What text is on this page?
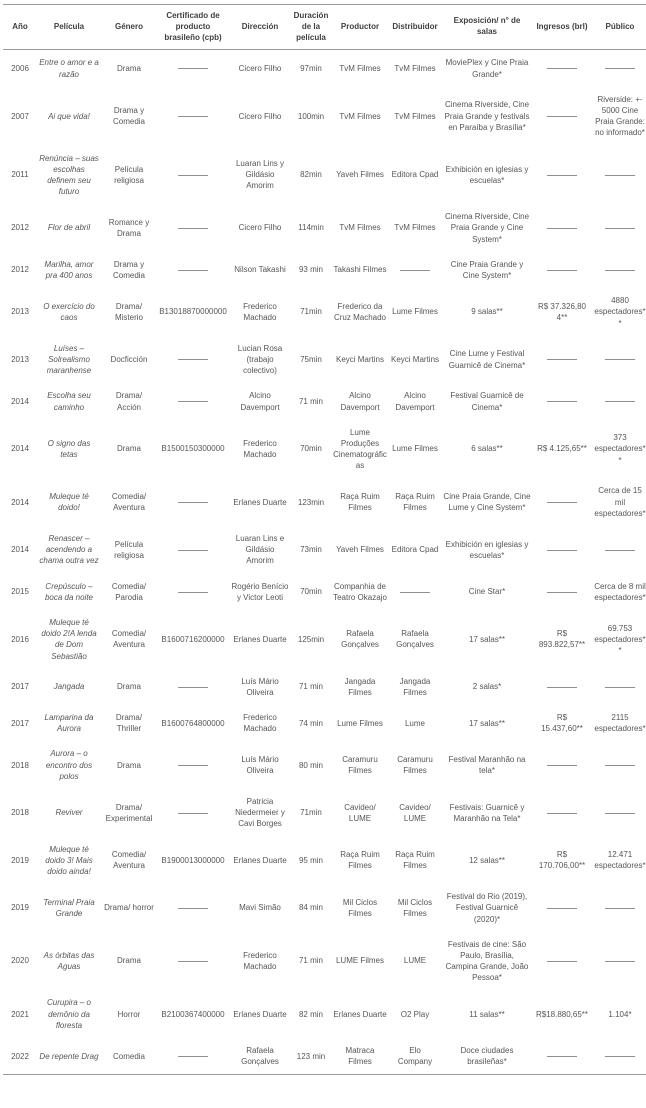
Año	Película	Género	Certificado de producto brasileño (cpb)	Dirección	Duración de la película	Productor	Distribuidor	Exposición/ n° de salas	Ingresos (brl)	Público
2006	Entre o amor e a razão	Drama		Cicero Filho	97min	TvM Filmes	TvM Filmes	MoviePlex y Cine Praia Grande*		
2007	Ai que vida!	Drama y Comedia		Cicero Filho	100min	TvM Filmes	TvM Filmes	Cinema Riverside, Cine Praia Grande y festivals en Paraíba y Brasília*		Riverside: +- 5000 Cine Praia Grande: no informado*
2011	Renúncia – suas escolhas definem seu futuro	Película religiosa		Luaran Lins y Gildásio Amorim	82min	Yaveh Filmes	Editora Cpad	Exhibición en iglesias y escuelas*		
2012	Flor de abril	Romance y Drama		Cicero Filho	114min	TvM Filmes	TvM Filmes	Cinema Riverside, Cine Praia Grande y Cine System*		
2012	Marilha, amor pra 400 anos	Drama y Comedia		Nilson Takashi	93 min	Takashi Filmes		Cine Praia Grande y Cine System*		
2013	O exercício do caos	Drama/ Misterio	B13018870000000	Frederico Machado	71min	Frederico da Cruz Machado	Lume Filmes	9 salas**	R$ 37.326,80 4**	4880 espectadores**
2013	Luíses – Solrealismo maranhense	Docficción		Lucian Rosa (trabajo colectivo)	75min	Keyci Martins	Keyci Martins	Cine Lume y Festival Guarnicê de Cinema*		
2014	Escolha seu caminho	Drama/ Acción		Alcino Davemport	71 min	Alcino Davemport	Alcino Davemport	Festival Guarnicê de Cinema*		
2014	O signo das tetas	Drama	B1500150300000	Frederico Machado	70min	Lume Produções Cinematográficas	Lume Filmes	6 salas**	R$ 4.125,65**	373 espectadores**
2014	Muleque té doido!	Comedia/ Aventura		Erlanes Duarte	123min	Raça Ruim Filmes	Raça Ruim Filmes	Cine Praia Grande, Cine Lume y Cine System*		Cerca de 15 mil espectadores*
2014	Renascer – acendendo a chama outra vez	Película religiosa		Luaran Lins e Gildásio Amorim	73min	Yaveh Filmes	Editora Cpad	Exhibición en iglesias y escuelas*		
2015	Crepúsculo – boca da noite	Comedia/ Parodia		Rogério Benício y Victor Leoti	70min	Companhia de Teatro Okazajo		Cine Star*		Cerca de 8 mil espectadores*
2016	Muleque té doido 2!A lenda de Dom Sebastião	Comedia/ Aventura	B1600716200000	Erlanes Duarte	125min	Rafaela Gonçalves	Rafaela Gonçalves	17 salas**	R$ 893.822,57**	69.753 espectadores**
2017	Jangada	Drama		Luís Mário Oliveira	71 min	Jangada Filmes	Jangada Filmes	2 salas*		
2017	Lamparina da Aurora	Drama/ Thriller	B1600764800000	Frederico Machado	74 min	Lume Filmes	Lume	17 salas**	R$ 15.437,60**	2115 espectadores*
2018	Aurora – o encontro dos polos	Drama		Luís Mário Oliveira	80 min	Caramuru Filmes	Caramuru Filmes	Festival Maranhão na tela*		
2018	Reviver	Drama/ Experimental		Patricia Niedermeier y Cavi Borges	71min	Cavideo/ LUME	Cavideo/ LUME	Festivais: Guarnicê y Maranhão na Tela*		
2019	Muleque té doido 3! Mais doido ainda!	Comedia/ Aventura	B1900013000000	Erlanes Duarte	95 min	Raça Ruim Filmes	Raça Ruim Filmes	12 salas**	R$ 170.706,00**	12.471 espectadores*
2019	Terminal Praia Grande	Drama/ horror		Mavi Simão	84 min	Mil Ciclos Filmes	Mil Ciclos Filmes	Festival do Rio (2019), Festival Guarnicê (2020)*		
2020	As órbitas das Aguas	Drama		Frederico Machado	71 min	LUME Filmes	LUME	Festivais de cine: São Paulo, Brasília, Campina Grande, João Pessoa*		
2021	Curupira – o demônio da floresta	Horror	B2100367400000	Erlanes Duarte	82 min	Erlanes Duarte	O2 Play	11 salas**	R$18.880,65**	1.104*
2022	De repente Drag	Comedia		Rafaela Gonçalves	123 min	Matraca Filmes	Elo Company	Doce ciudades brasileñas*		
